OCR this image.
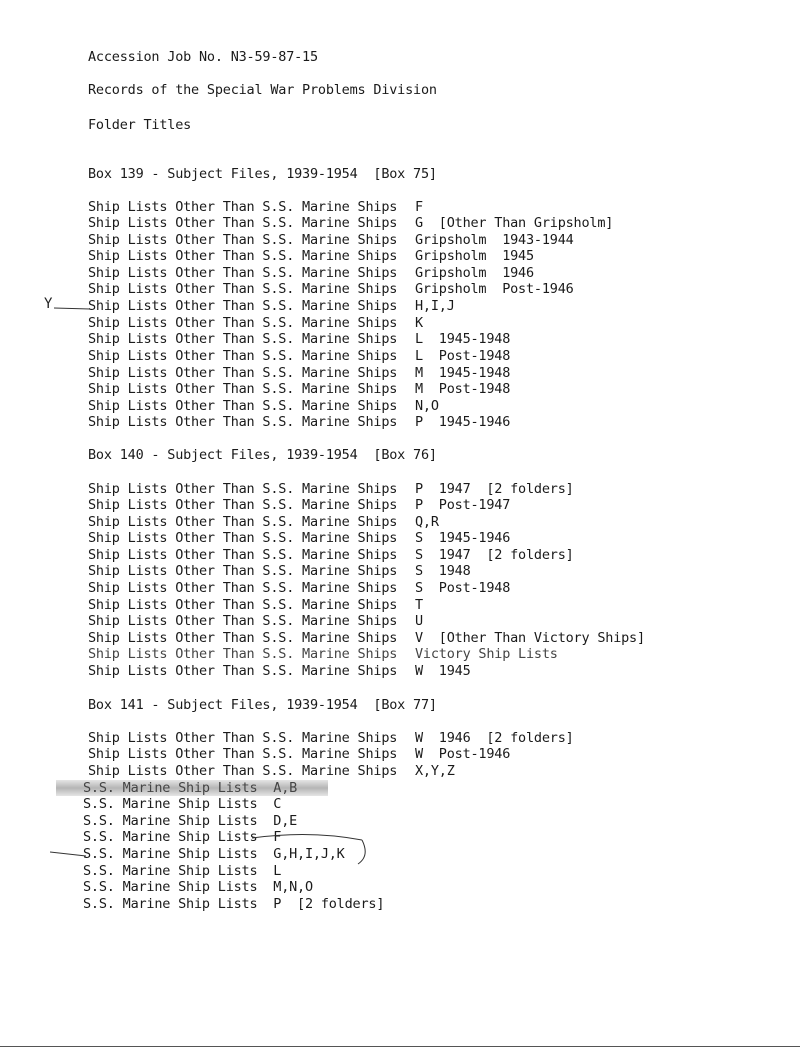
Accession Job No. N3-59-87-15
Records of the Special War Problems Division
Folder Titles
Box 139 - Subject Files, 1939-1954  [Box 75]
Ship Lists Other Than S.S. Marine Ships F
Ship Lists Other Than S.S. Marine Ships G  [Other Than Gripsholm]
Ship Lists Other Than S.S. Marine Ships Gripsholm  1943-1944
Ship Lists Other Than S.S. Marine Ships Gripsholm  1945
Ship Lists Other Than S.S. Marine Ships Gripsholm  1946
Ship Lists Other Than S.S. Marine Ships Gripsholm  Post-1946
Y	Ship Lists Other Than S.S. Marine Ships H,I,J
Ship Lists Other Than S.S. Marine Ships K
Ship Lists Other Than S.S. Marine Ships L  1945-1948
Ship Lists Other Than S.S. Marine Ships L  Post-1948
Ship Lists Other Than S.S. Marine Ships M  1945-1948
Ship Lists Other Than S.S. Marine Ships M  Post-1948
Ship Lists Other Than S.S. Marine Ships N,O
Ship Lists Other Than S.S. Marine Ships P  1945-1946
Box 140 - Subject Files, 1939-1954  [Box 76]
Ship Lists Other Than S.S. Marine Ships P  1947  [2 folders]
Ship Lists Other Than S.S. Marine Ships P  Post-1947
Ship Lists Other Than S.S. Marine Ships Q,R
Ship Lists Other Than S.S. Marine Ships S  1945-1946
Ship Lists Other Than S.S. Marine Ships S  1947  [2 folders]
Ship Lists Other Than S.S. Marine Ships S  1948
Ship Lists Other Than S.S. Marine Ships S  Post-1948
Ship Lists Other Than S.S. Marine Ships T
Ship Lists Other Than S.S. Marine Ships U
Ship Lists Other Than S.S. Marine Ships V  [Other Than Victory Ships]
Ship Lists Other Than S.S. Marine Ships Victory Ship Lists
Ship Lists Other Than S.S. Marine Ships W  1945
Box 141 - Subject Files, 1939-1954  [Box 77]
Ship Lists Other Than S.S. Marine Ships W  1946  [2 folders]
Ship Lists Other Than S.S. Marine Ships W  Post-1946
Ship Lists Other Than S.S. Marine Ships X,Y,Z
S.S. Marine Ship Lists  A,B
S.S. Marine Ship Lists  C
S.S. Marine Ship Lists  D,E
S.S. Marine Ship Lists  F
S.S. Marine Ship Lists  G,H,I,J,K
S.S. Marine Ship Lists  L
S.S. Marine Ship Lists  M,N,O
S.S. Marine Ship Lists  P  [2 folders]
